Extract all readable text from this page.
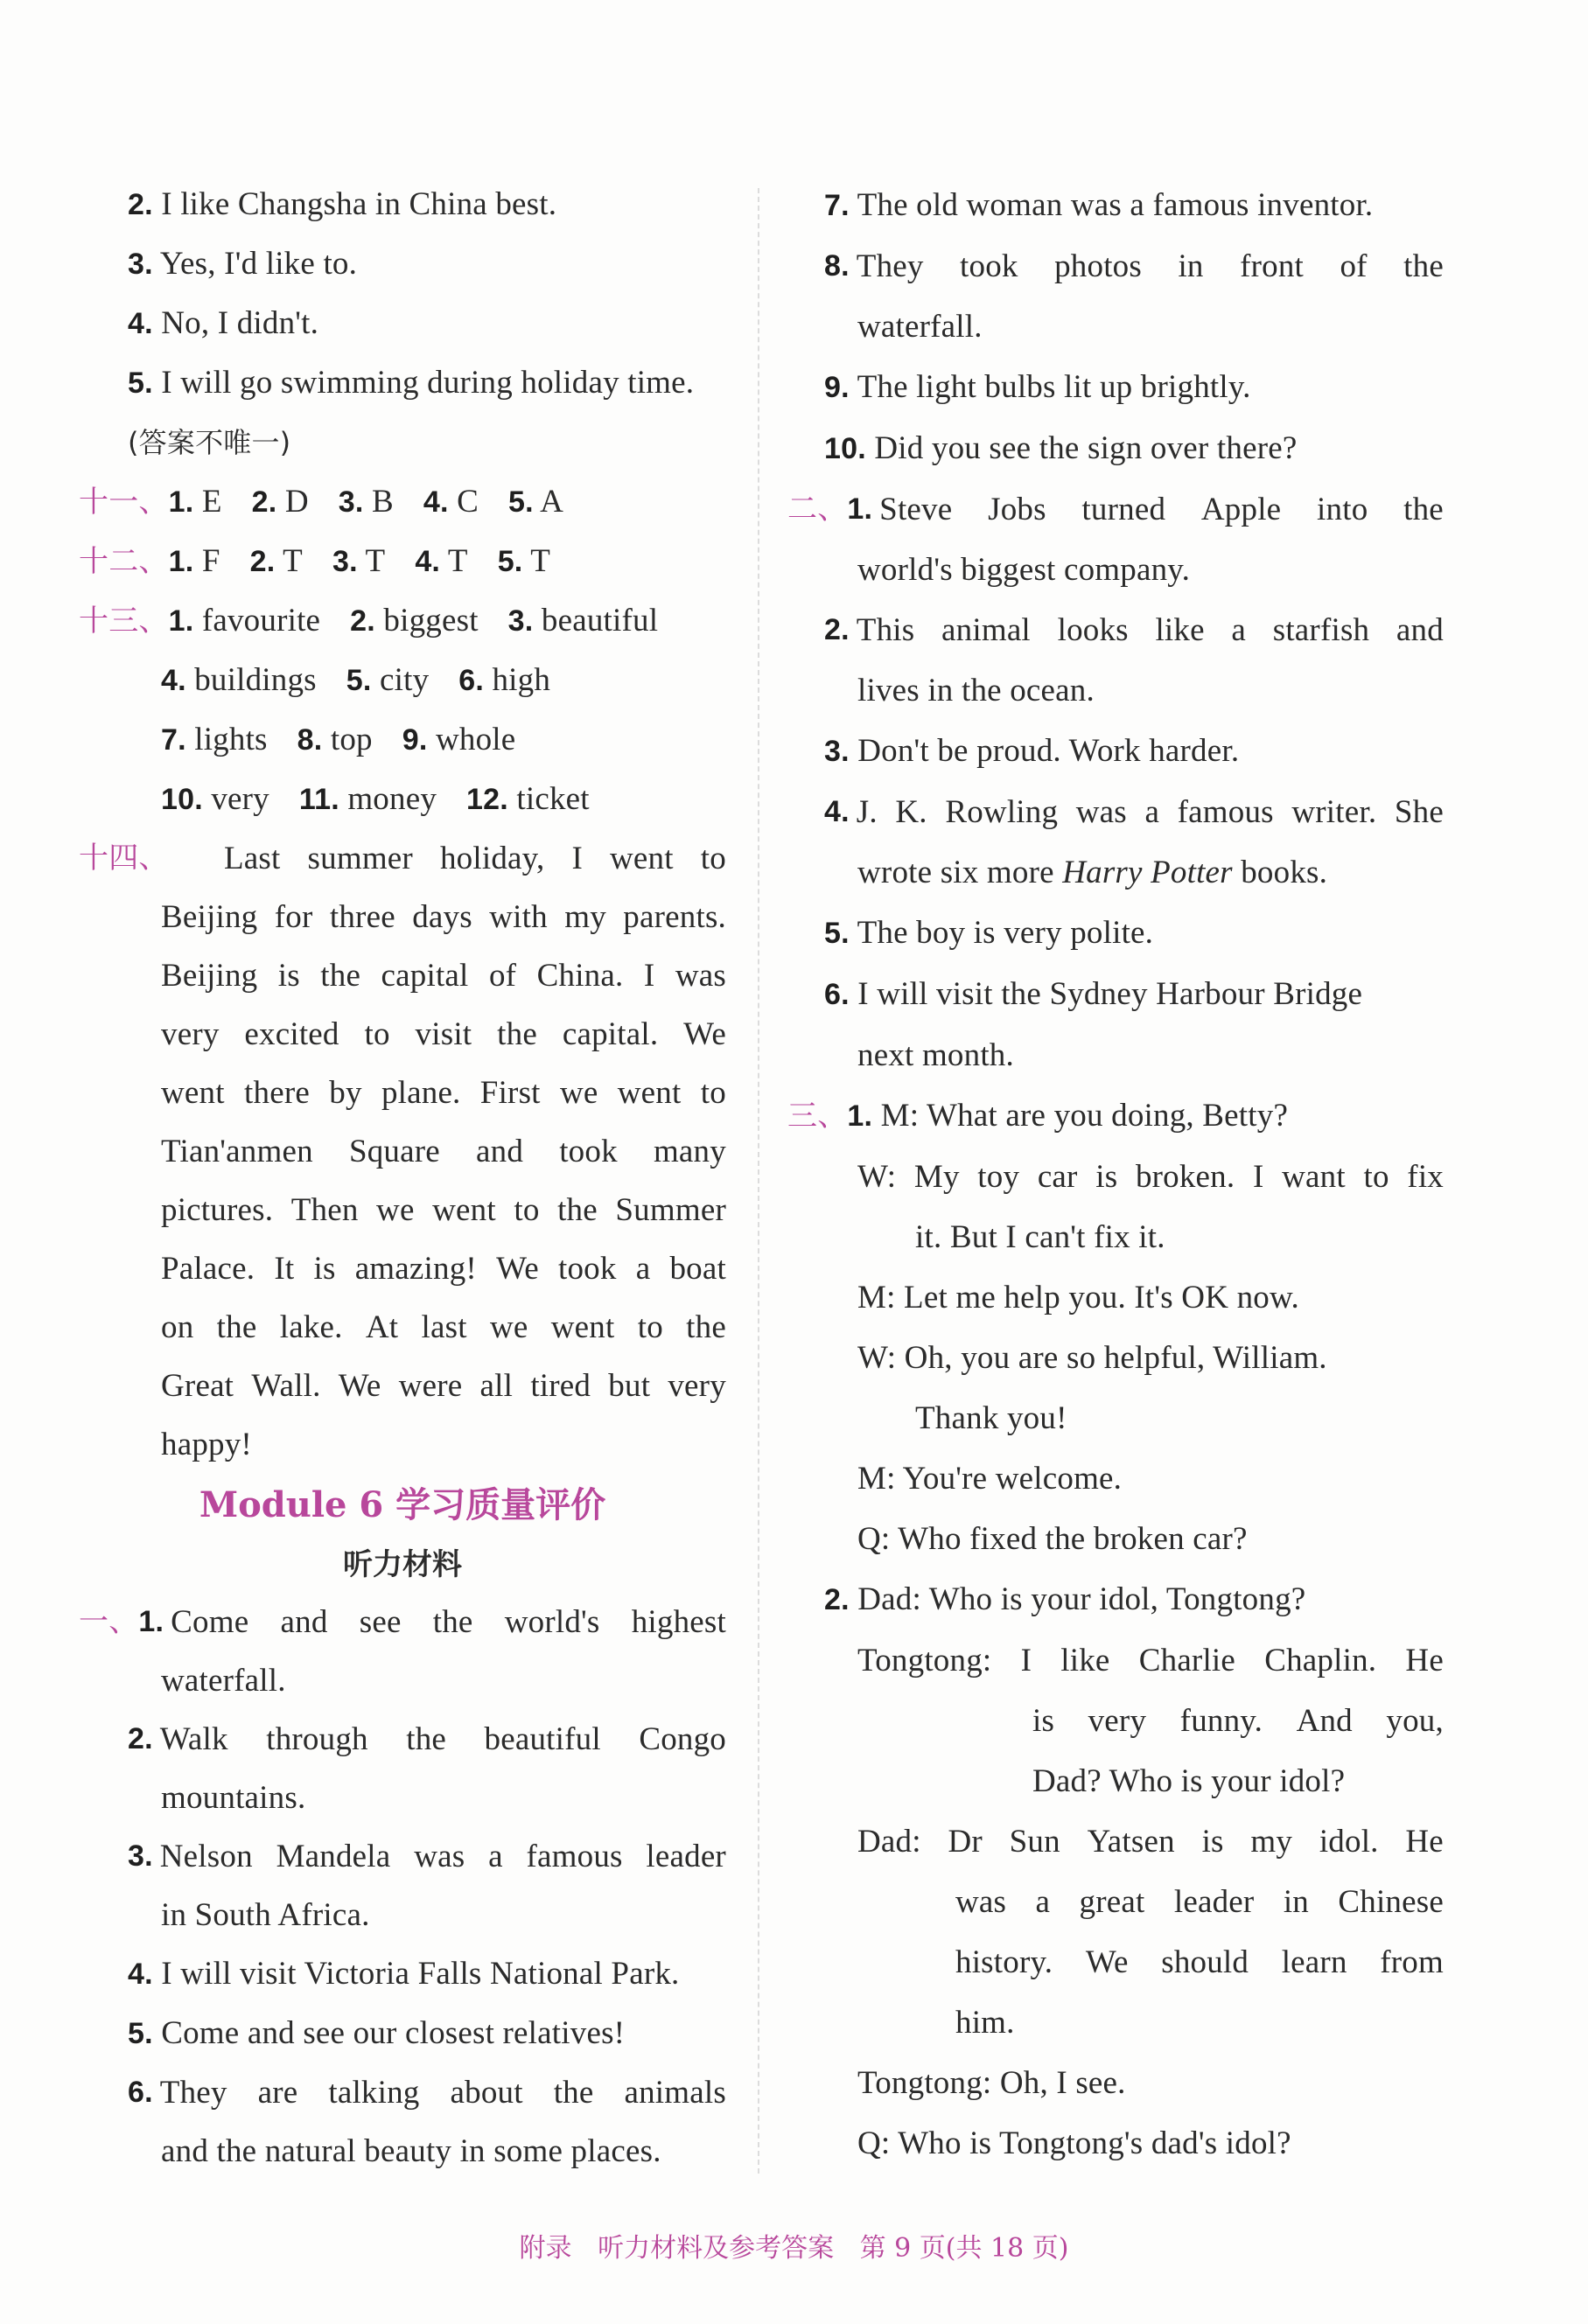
2. I like Changsha in China best.
3. Yes, I'd like to.
4. No, I didn't.
5. I will go swimming during holiday time.
(答案不唯一)
十一、1. E 2. D 3. B 4. C 5. A
十二、1. F 2. T 3. T 4. T 5. T
十三、1. favourite 2. biggest 3. beautiful
4. buildings 5. city 6. high
7. lights 8. top 9. whole
10. very 11. money 12. ticket
十四、 Last summer holiday, I went to
Beijing for three days with my parents.
Beijing is the capital of China. I was
very excited to visit the capital. We
went there by plane. First we went to
Tian'anmen Square and took many
pictures. Then we went to the Summer
Palace. It is amazing! We took a boat
on the lake. At last we went to the
Great Wall. We were all tired but very
happy!
Module 6 学习质量评价
听力材料
一、 1. Come and see the world's highest
waterfall.
2. Walk through the beautiful Congo
mountains.
3. Nelson Mandela was a famous leader
in South Africa.
4. I will visit Victoria Falls National Park.
5. Come and see our closest relatives!
6. They are talking about the animals
and the natural beauty in some places.
7. The old woman was a famous inventor.
8. They took photos in front of the
waterfall.
9. The light bulbs lit up brightly.
10. Did you see the sign over there?
二、 1. Steve Jobs turned Apple into the
world's biggest company.
2. This animal looks like a starfish and
lives in the ocean.
3. Don't be proud. Work harder.
4. J. K. Rowling was a famous writer. She
wrote six more Harry Potter books.
5. The boy is very polite.
6. I will visit the Sydney Harbour Bridge
next month.
三、1. M: What are you doing, Betty?
W: My toy car is broken. I want to fix
it. But I can't fix it.
M: Let me help you. It's OK now.
W: Oh, you are so helpful, William.
Thank you!
M: You're welcome.
Q: Who fixed the broken car?
2. Dad: Who is your idol, Tongtong?
Tongtong: I like Charlie Chaplin. He
is very funny. And you,
Dad? Who is your idol?
Dad: Dr Sun Yatsen is my idol. He
was a great leader in Chinese
history. We should learn from
him.
Tongtong: Oh, I see.
Q: Who is Tongtong's dad's idol?
附录 听力材料及参考答案 第 9 页(共 18 页)
